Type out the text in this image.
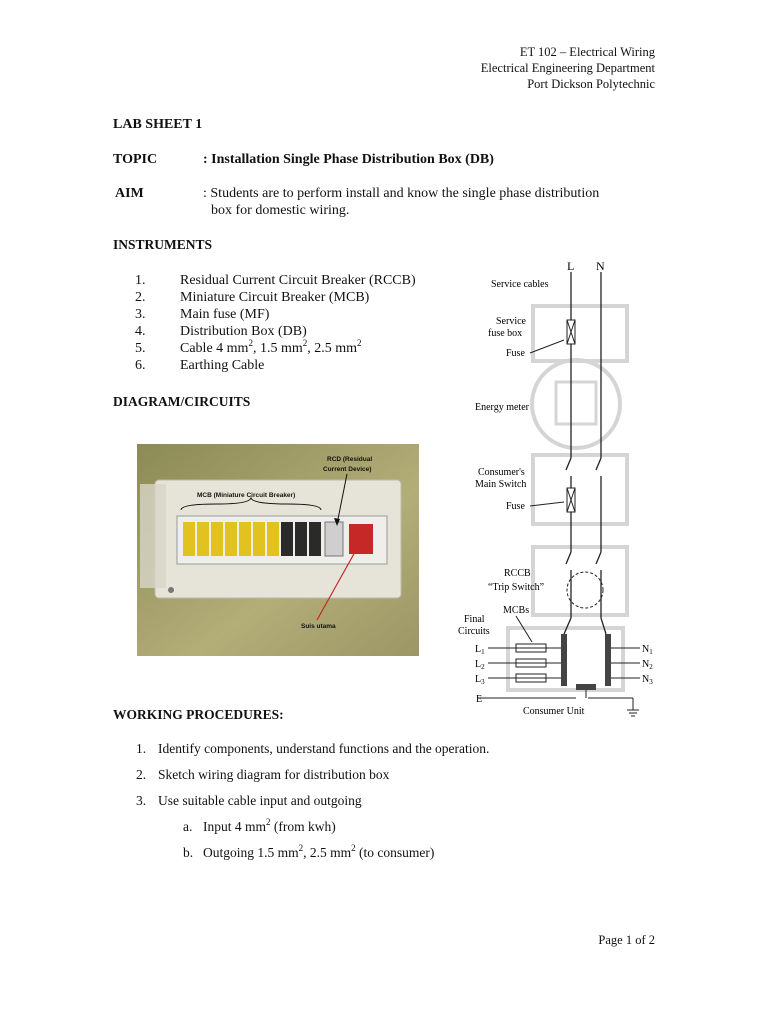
ET 102 – Electrical Wiring
Electrical Engineering Department
Port Dickson Polytechnic
LAB SHEET 1
TOPIC	: Installation Single Phase Distribution Box (DB)
AIM	: Students are to perform install and know the single phase distribution
box for domestic wiring.
INSTRUMENTS
1. Residual Current Circuit Breaker (RCCB)
2. Miniature Circuit Breaker (MCB)
3. Main fuse (MF)
4. Distribution Box (DB)
5. Cable 4 $mm^2$, 1.5 $mm^2$, 2.5 $mm^2$
6. Earthing Cable
DIAGRAM/CIRCUITS
RCD (Residual
Current Device)
MCB (Miniature Circuit Breaker)
Suis utama
L N
Service cables
Service
fuse box
Fuse
Energy meter
Consumer's
Main Switch
Fuse
RCCB
“Trip Switch”
MCBs
Final
Circuits
$L_1$
$L_2$
$L_3$
$N_1$
$N_2$
$N_3$
E
Consumer Unit
WORKING PROCEDURES:
1. Identify components, understand functions and the operation.
2. Sketch wiring diagram for distribution box
3. Use suitable cable input and outgoing
a. Input 4 $mm^2$ (from kwh)
b. Outgoing 1.5 $mm^2$, 2.5 $mm^2$ (to consumer)
Page 1 of 2
